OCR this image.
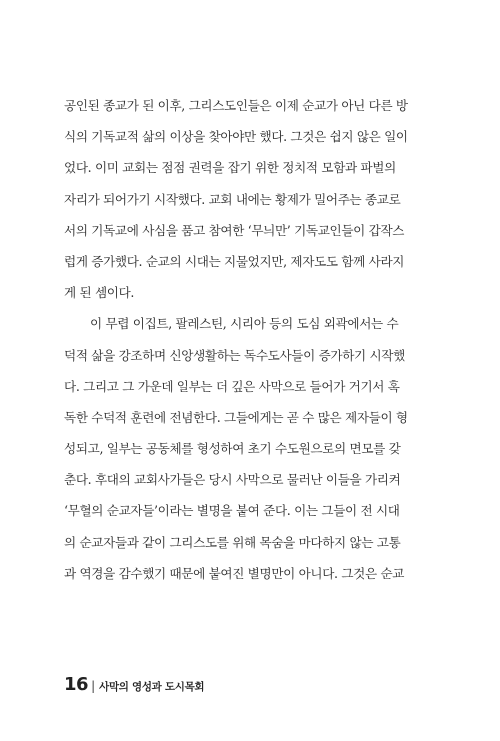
공인된 종교가 된 이후, 그리스도인들은 이제 순교가 아닌 다른 방
식의 기독교적 삶의 이상을 찾아야만 했다. 그것은 쉽지 않은 일이
었다. 이미 교회는 점점 권력을 잡기 위한 정치적 모함과 파벌의
자리가 되어가기 시작했다. 교회 내에는 황제가 밀어주는 종교로
서의 기독교에 사심을 품고 참여한 ‘무늬만’ 기독교인들이 갑작스
럽게 증가했다. 순교의 시대는 지물었지만, 제자도도 함께 사라지
게 된 셈이다.
이 무렵 이집트, 팔레스틴, 시리아 등의 도심 외곽에서는 수
덕적 삶을 강조하며 신앙생활하는 독수도사들이 증가하기 시작했
다. 그리고 그 가운데 일부는 더 깊은 사막으로 들어가 거기서 혹
독한 수덕적 훈련에 전념한다. 그들에게는 곧 수 많은 제자들이 형
성되고, 일부는 공동체를 형성하여 초기 수도원으로의 면모를 갖
춘다. 후대의 교회사가들은 당시 사막으로 물러난 이들을 가리켜
‘무혈의 순교자들’이라는 별명을 붙여 준다. 이는 그들이 전 시대
의 순교자들과 같이 그리스도를 위해 목숨을 마다하지 않는 고통
과 역경을 감수했기 때문에 붙여진 별명만이 아니다. 그것은 순교
16 | 사막의 영성과 도시목회
